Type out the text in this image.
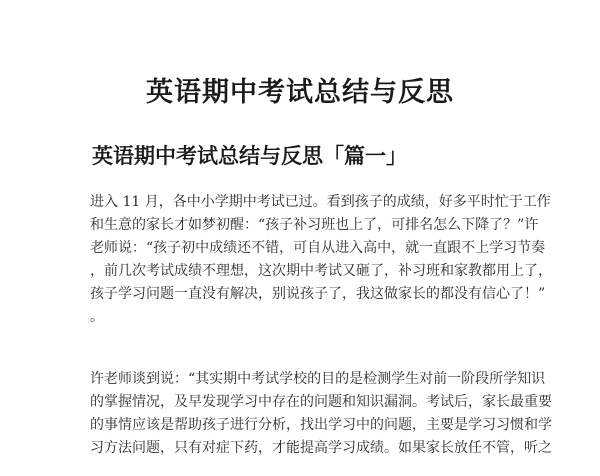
英语期中考试总结与反思
英语期中考试总结与反思「篇一」
进入 11 月，各中小学期中考试已过。看到孩子的成绩，好多平时忙于工作
和生意的家长才如梦初醒：“孩子补习班也上了，可排名怎么下降了？”许
老师说：“孩子初中成绩还不错，可自从进入高中，就一直跟不上学习节奏
，前几次考试成绩不理想，这次期中考试又砸了，补习班和家教都用上了，
孩子学习问题一直没有解决，别说孩子了，我这做家长的都没有信心了！”
。
许老师谈到说：“其实期中考试学校的目的是检测学生对前一阶段所学知识
的掌握情况，及早发现学习中存在的问题和知识漏洞。考试后，家长最重要
的事情应该是帮助孩子进行分析，找出学习中的问题，主要是学习习惯和学
习方法问题，只有对症下药，才能提高学习成绩。如果家长放任不管，听之
